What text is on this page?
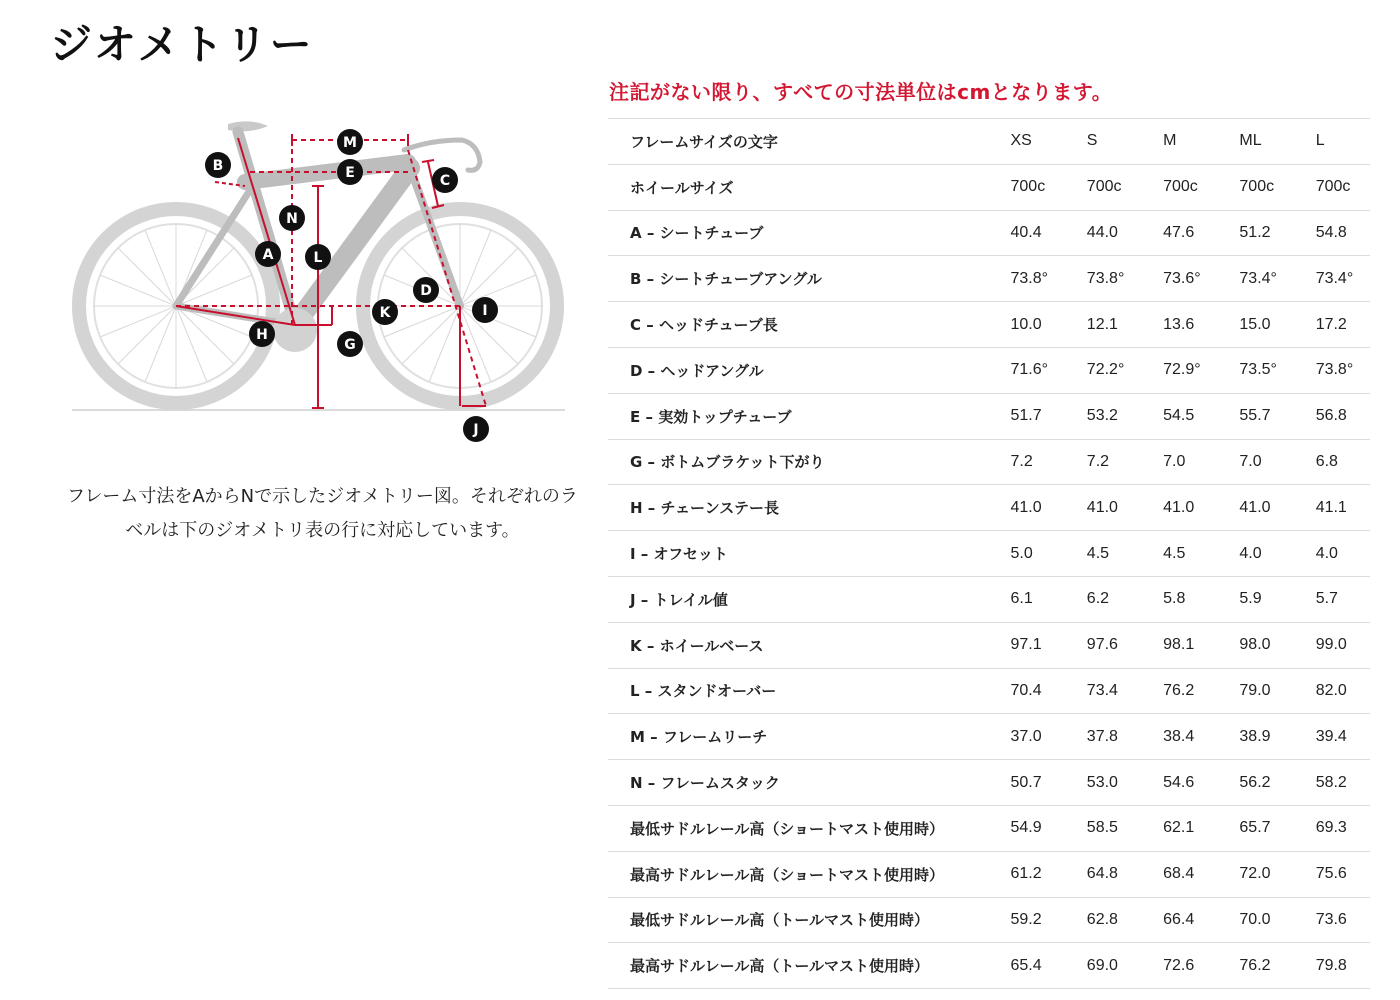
ジオメトリー
M
E
B
C
N
A	L
D
K	I
H
G
J
フレーム寸法をAからNで示したジオメトリー図。それぞれのラ
ベルは下のジオメトリ表の行に対応しています。
注記がない限り、すべての寸法単位はcmとなります。
フレームサイズの文字	XS	S	M	ML	L
ホイールサイズ	700c	700c	700c	700c	700c
A – シートチューブ	40.4	44.0	47.6	51.2	54.8
B – シートチューブアングル	73.8°	73.8°	73.6°	73.4°	73.4°
C – ヘッドチューブ長	10.0	12.1	13.6	15.0	17.2
D – ヘッドアングル	71.6°	72.2°	72.9°	73.5°	73.8°
E – 実効トップチューブ	51.7	53.2	54.5	55.7	56.8
G – ボトムブラケット下がり	7.2	7.2	7.0	7.0	6.8
H – チェーンステー長	41.0	41.0	41.0	41.0	41.1
I – オフセット	5.0	4.5	4.5	4.0	4.0
J – トレイル値	6.1	6.2	5.8	5.9	5.7
K – ホイールベース	97.1	97.6	98.1	98.0	99.0
L – スタンドオーバー	70.4	73.4	76.2	79.0	82.0
M – フレームリーチ	37.0	37.8	38.4	38.9	39.4
N – フレームスタック	50.7	53.0	54.6	56.2	58.2
最低サドルレール高（ショートマスト使用時）	54.9	58.5	62.1	65.7	69.3
最高サドルレール高（ショートマスト使用時）	61.2	64.8	68.4	72.0	75.6
最低サドルレール高（トールマスト使用時）	59.2	62.8	66.4	70.0	73.6
最高サドルレール高（トールマスト使用時）	65.4	69.0	72.6	76.2	79.8
